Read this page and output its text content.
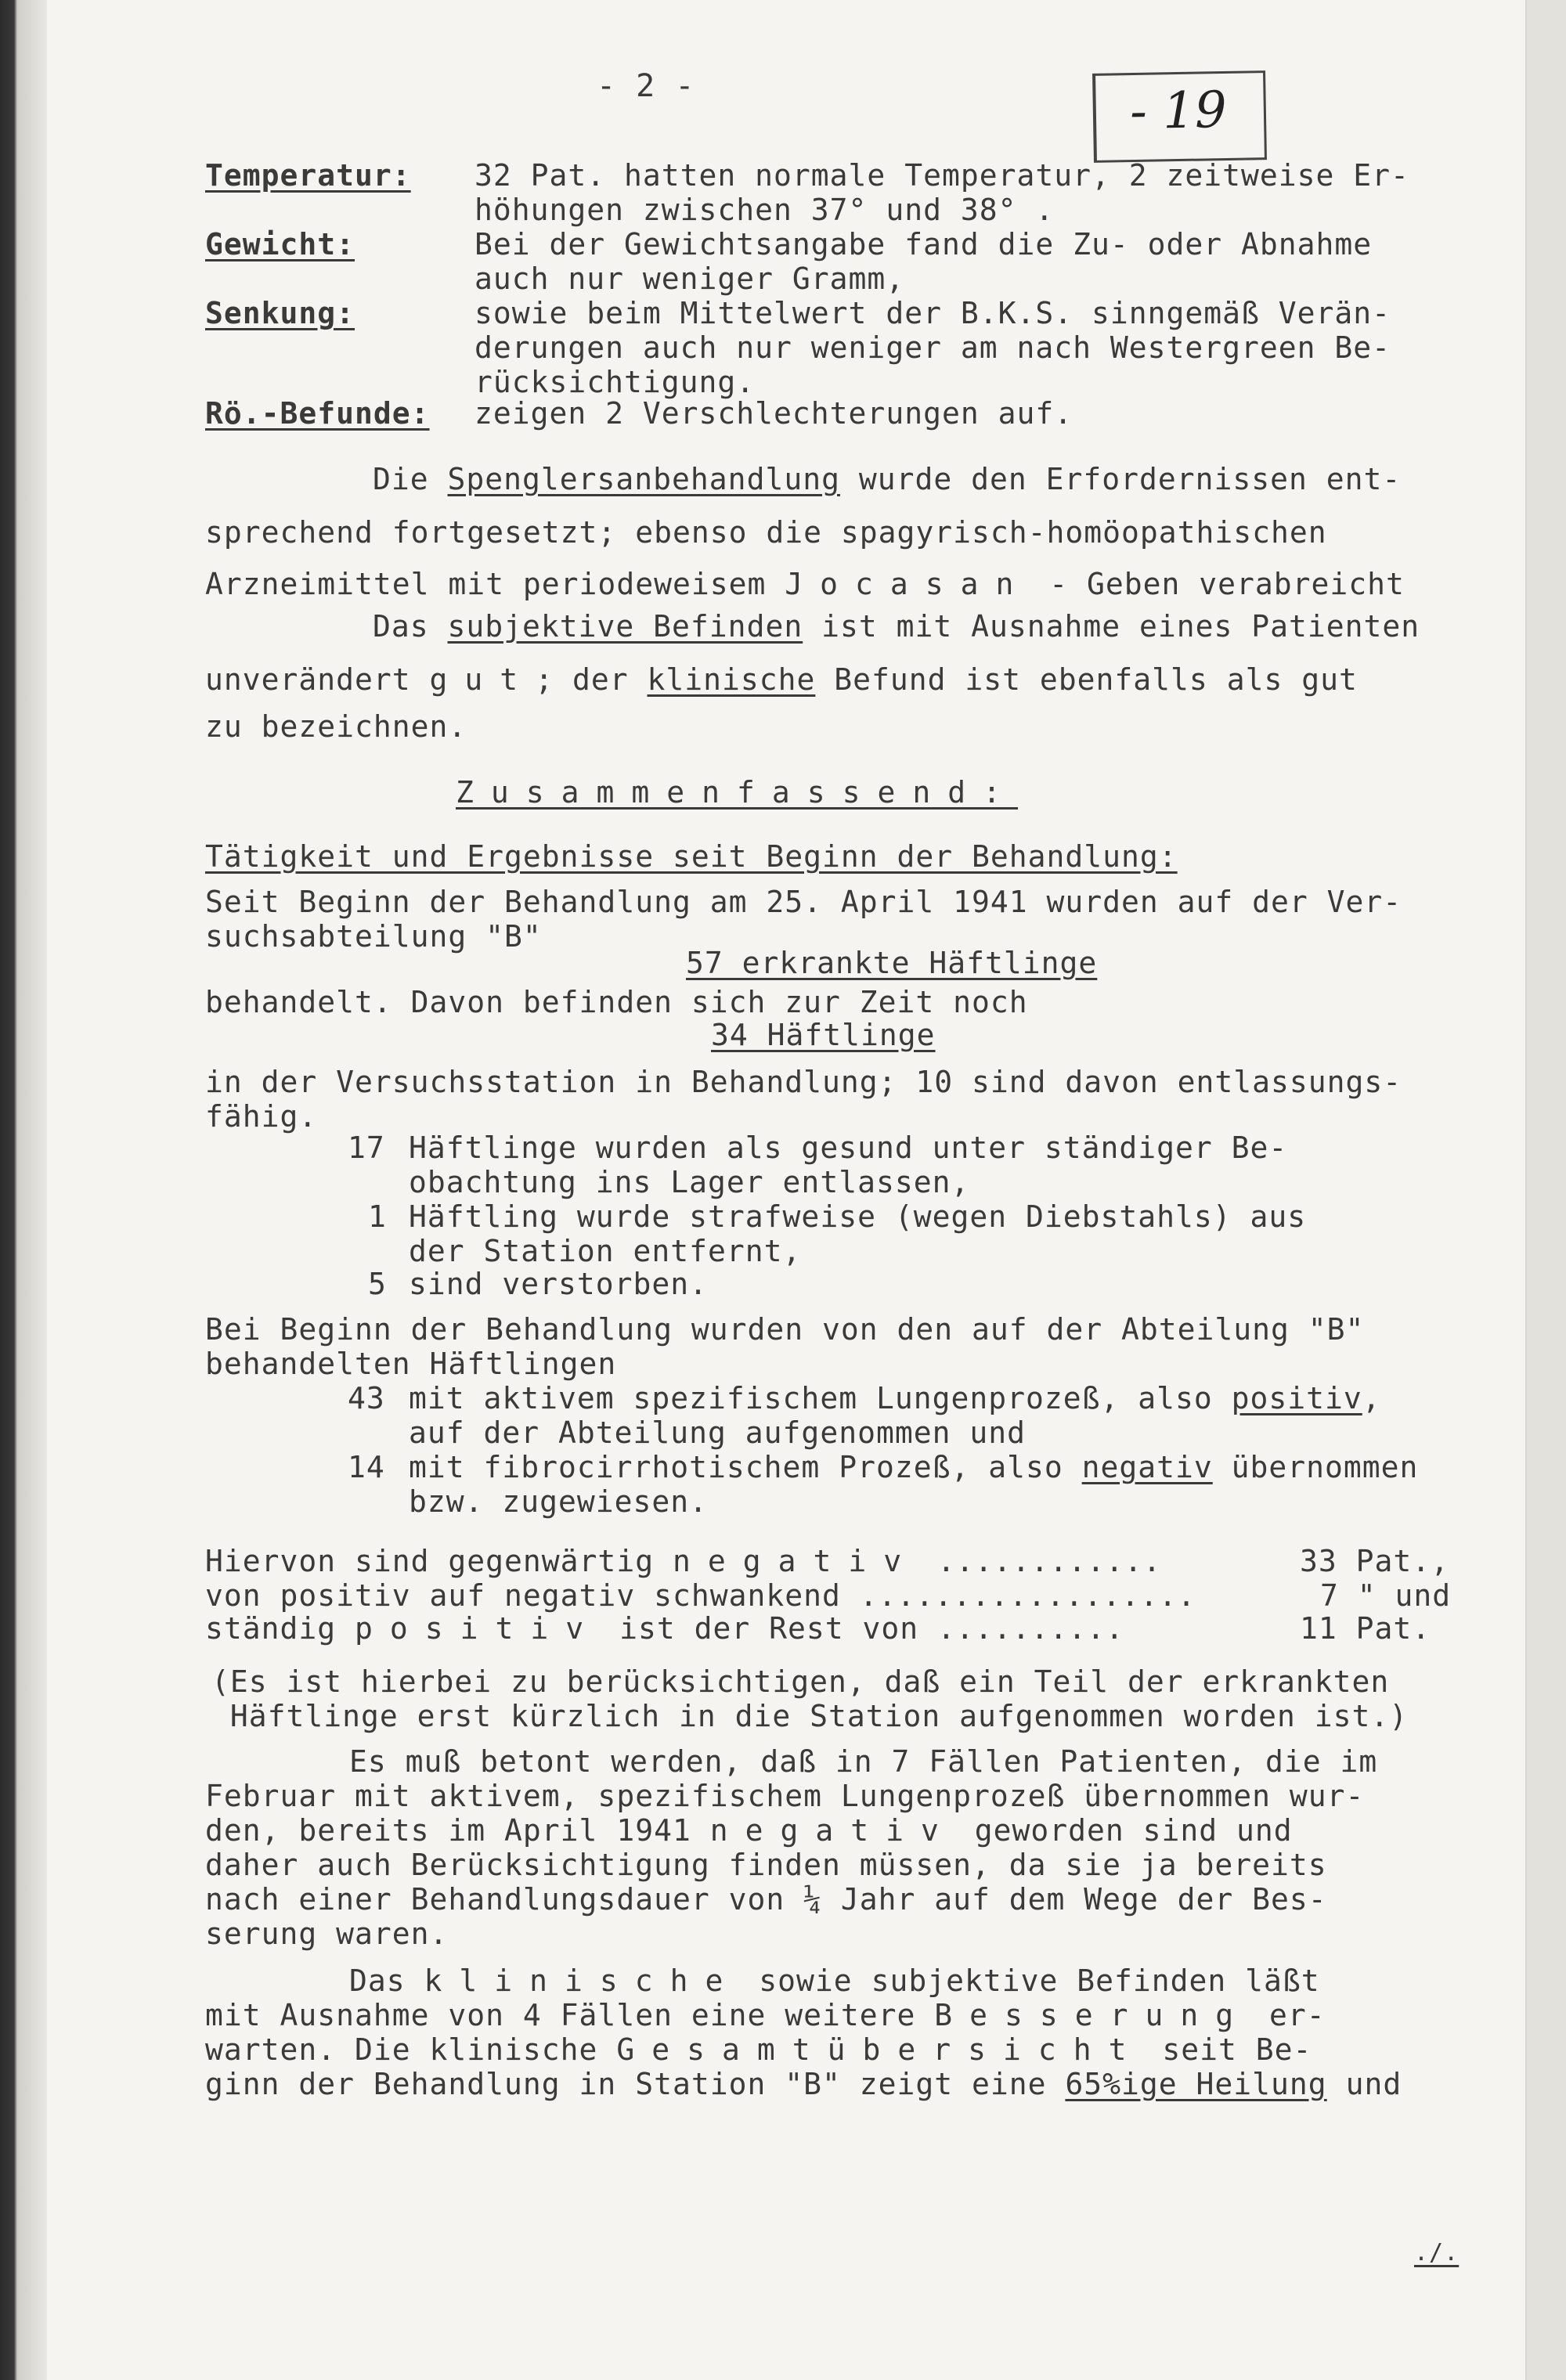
- 2 -	- 19
Temperatur: 32 Pat. hatten normale Temperatur, 2 zeitweise Er-
höhungen zwischen 37° und 38° .
Gewicht:	Bei der Gewichtsangabe fand die Zu- oder Abnahme
auch nur weniger Gramm,
Senkung:	sowie beim Mittelwert der B.K.S. sinngemäß Verän-
derungen auch nur weniger am nach Westergreen Be-
rücksichtigung.
Rö.-Befunde: zeigen 2 Verschlechterungen auf.
Die Spenglersanbehandlung wurde den Erfordernissen ent-
sprechend fortgesetzt; ebenso die spagyrisch-homöopathischen
Arzneimittel mit periodeweisem Jocasan - Geben verabreicht
Das subjektive Befinden ist mit Ausnahme eines Patienten
unverändert gut; der klinische Befund ist ebenfalls als gut
zu bezeichnen.
Zusammenfassend:
Tätigkeit und Ergebnisse seit Beginn der Behandlung:
Seit Beginn der Behandlung am 25. April 1941 wurden auf der Ver-
suchsabteilung "B"
57 erkrankte Häftlinge
behandelt. Davon befinden sich zur Zeit noch
34 Häftlinge
in der Versuchsstation in Behandlung; 10 sind davon entlassungs-
fähig.
17 Häftlinge wurden als gesund unter ständiger Be-
obachtung ins Lager entlassen,
1 Häftling wurde strafweise (wegen Diebstahls) aus
der Station entfernt,
5 sind verstorben.
Bei Beginn der Behandlung wurden von den auf der Abteilung "B"
behandelten Häftlingen
43 mit aktivem spezifischem Lungenprozeß, also positiv,
auf der Abteilung aufgenommen und
14 mit fibrocirrhotischem Prozeß, also negativ übernommen
bzw. zugewiesen.
Hiervon sind gegenwärtig negativ ............	33 Pat.,
von positiv auf negativ schwankend ..................	7 " und
ständig positiv ist der Rest von ..........	11 Pat.
(Es ist hierbei zu berücksichtigen, daß ein Teil der erkrankten
Häftlinge erst kürzlich in die Station aufgenommen worden ist.)
Es muß betont werden, daß in 7 Fällen Patienten, die im
Februar mit aktivem, spezifischem Lungenprozeß übernommen wur-
den, bereits im April 1941 negativ geworden sind und
daher auch Berücksichtigung finden müssen, da sie ja bereits
nach einer Behandlungsdauer von ¼ Jahr auf dem Wege der Bes-
serung waren.
Das klinische sowie subjektive Befinden läßt
mit Ausnahme von 4 Fällen eine weitere Besserung er-
warten. Die klinische Gesamtübersicht seit Be-
ginn der Behandlung in Station "B" zeigt eine 65%ige Heilung und
./.
